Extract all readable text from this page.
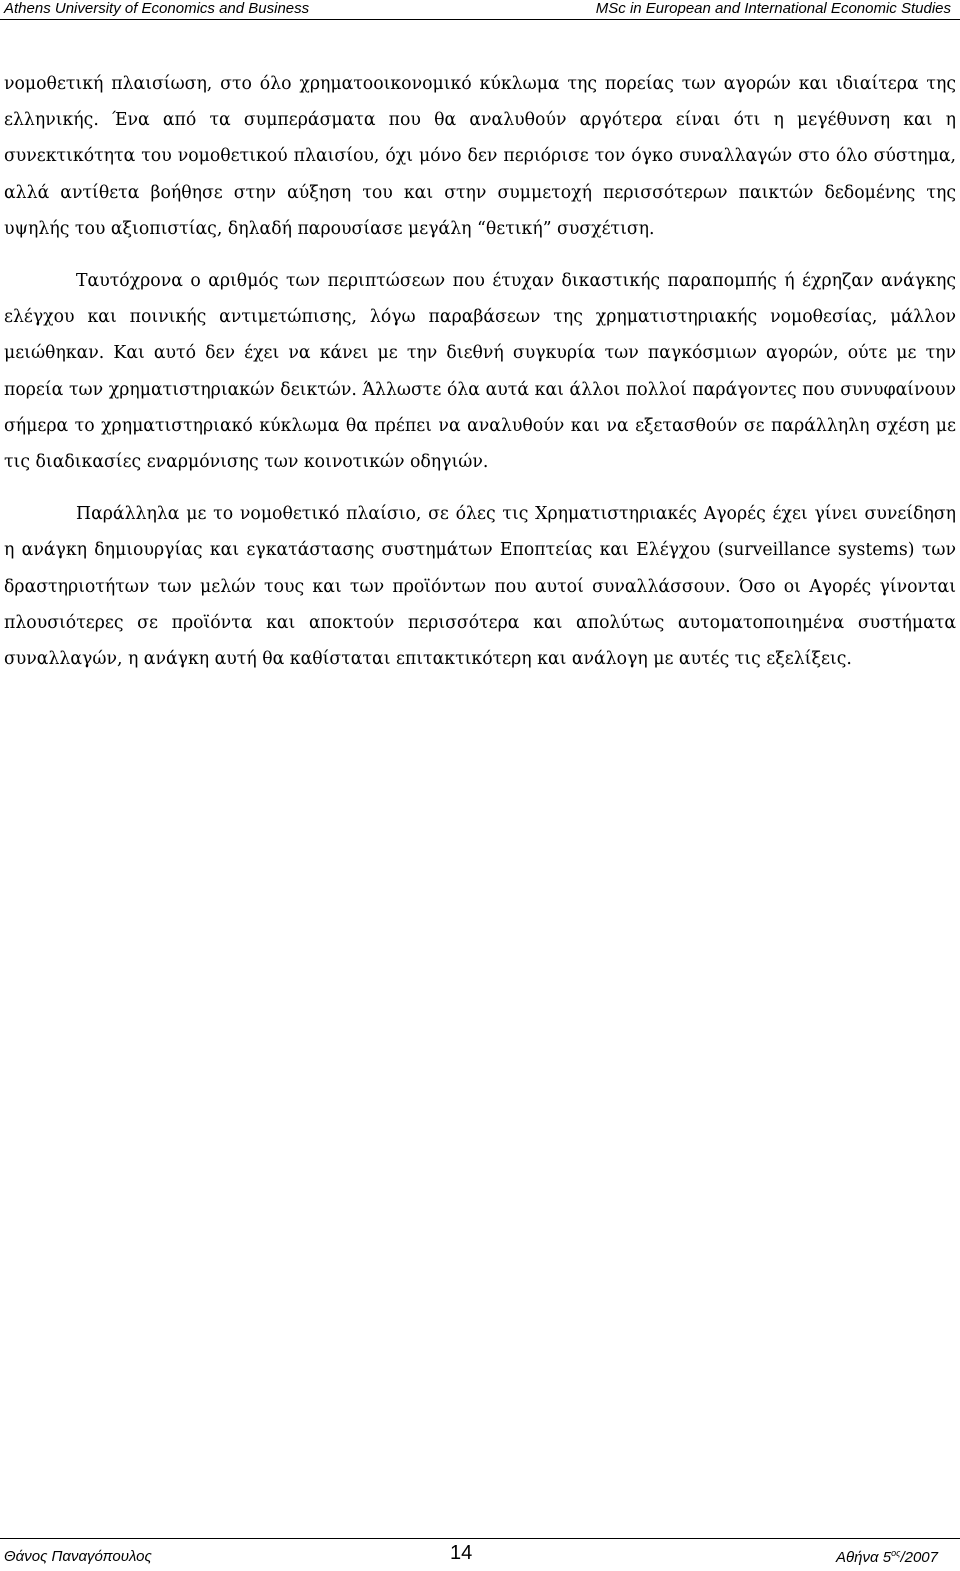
Athens University of Economics and Business	MSc in European and International Economic Studies

νομοθετική πλαισίωση, στο όλο χρηματοοικονομικό κύκλωμα της πορείας των αγορών και ιδιαίτερα της ελληνικής. Ένα από τα συμπεράσματα που θα αναλυθούν αργότερα είναι ότι η μεγέθυνση και η συνεκτικότητα του νομοθετικού πλαισίου, όχι μόνο δεν περιόρισε τον όγκο συναλλαγών στο όλο σύστημα, αλλά αντίθετα βοήθησε στην αύξηση του και στην συμμετοχή περισσότερων παικτών δεδομένης της υψηλής του αξιοπιστίας, δηλαδή παρουσίασε μεγάλη “θετική” συσχέτιση.

Ταυτόχρονα ο αριθμός των περιπτώσεων που έτυχαν δικαστικής παραπομπής ή έχρηζαν ανάγκης ελέγχου και ποινικής αντιμετώπισης, λόγω παραβάσεων της χρηματιστηριακής νομοθεσίας, μάλλον μειώθηκαν. Και αυτό δεν έχει να κάνει με την διεθνή συγκυρία των παγκόσμιων αγορών, ούτε με την πορεία των χρηματιστηριακών δεικτών. Άλλωστε όλα αυτά και άλλοι πολλοί παράγοντες που συνυφαίνουν σήμερα το χρηματιστηριακό κύκλωμα θα πρέπει να αναλυθούν και να εξετασθούν σε παράλληλη σχέση με τις διαδικασίες εναρμόνισης των κοινοτικών οδηγιών.

Παράλληλα με το νομοθετικό πλαίσιο, σε όλες τις Χρηματιστηριακές Αγορές έχει γίνει συνείδηση η ανάγκη δημιουργίας και εγκατάστασης συστημάτων Εποπτείας και Ελέγχου (surveillance systems) των δραστηριοτήτων των μελών τους και των προϊόντων που αυτοί συναλλάσσουν. Όσο οι Αγορές γίνονται πλουσιότερες σε προϊόντα και αποκτούν περισσότερα και απολύτως αυτοματοποιημένα συστήματα συναλλαγών, η ανάγκη αυτή θα καθίσταται επιτακτικότερη και ανάλογη με αυτές τις εξελίξεις.

Θάνος Παναγόπουλος	14	Αθήνα $5^{o\varsigma}/2007$
